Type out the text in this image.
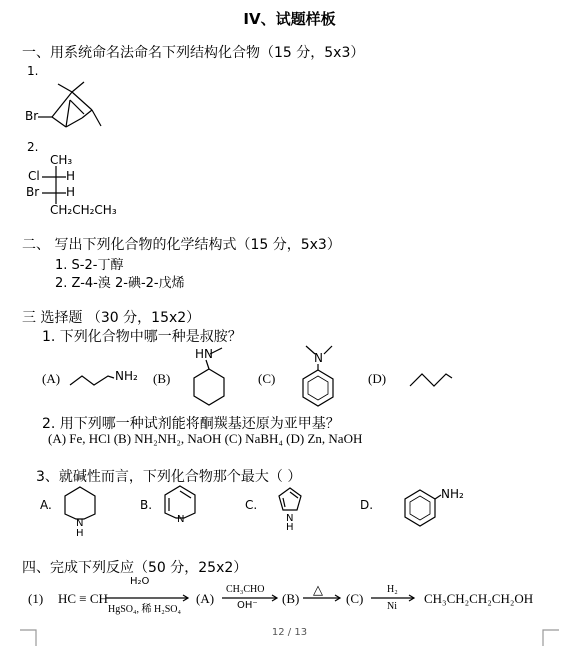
IV、试题样板
一、用系统命名法命名下列结构化合物（15 分，5x3）
1.
Br
2.
CH₃
Cl H
Br H
CH₂CH₂CH₃
二、 写出下列化合物的化学结构式（15 分，5x3）
1. S-2-丁醇
2. Z-4-溴 2-碘-2-戊烯
三 选择题 （30 分，15x2）
1. 下列化合物中哪一种是叔胺？
(A)	(B)	(C)	(D)
NH₂
HN	N
2. 用下列哪一种试剂能将酮羰基还原为亚甲基？
(A) Fe, HCl (B) NH₂NH₂, NaOH (C) NaBH₄ (D) Zn, NaOH
3、就碱性而言，下列化合物那个最大（ ）
A.	B.	C.	D.
N
H
N	N
H
NH₂
四、完成下列反应（50 分，25x2）
(1) HC ≡ CH
H₂O
HgSO₄, 稀 H₂SO₄
(A)
CH₃CHO
OH⁻ (B)
△
(C)
H₂
Ni
CH₃CH₂CH₂CH₂OH
12 / 13
